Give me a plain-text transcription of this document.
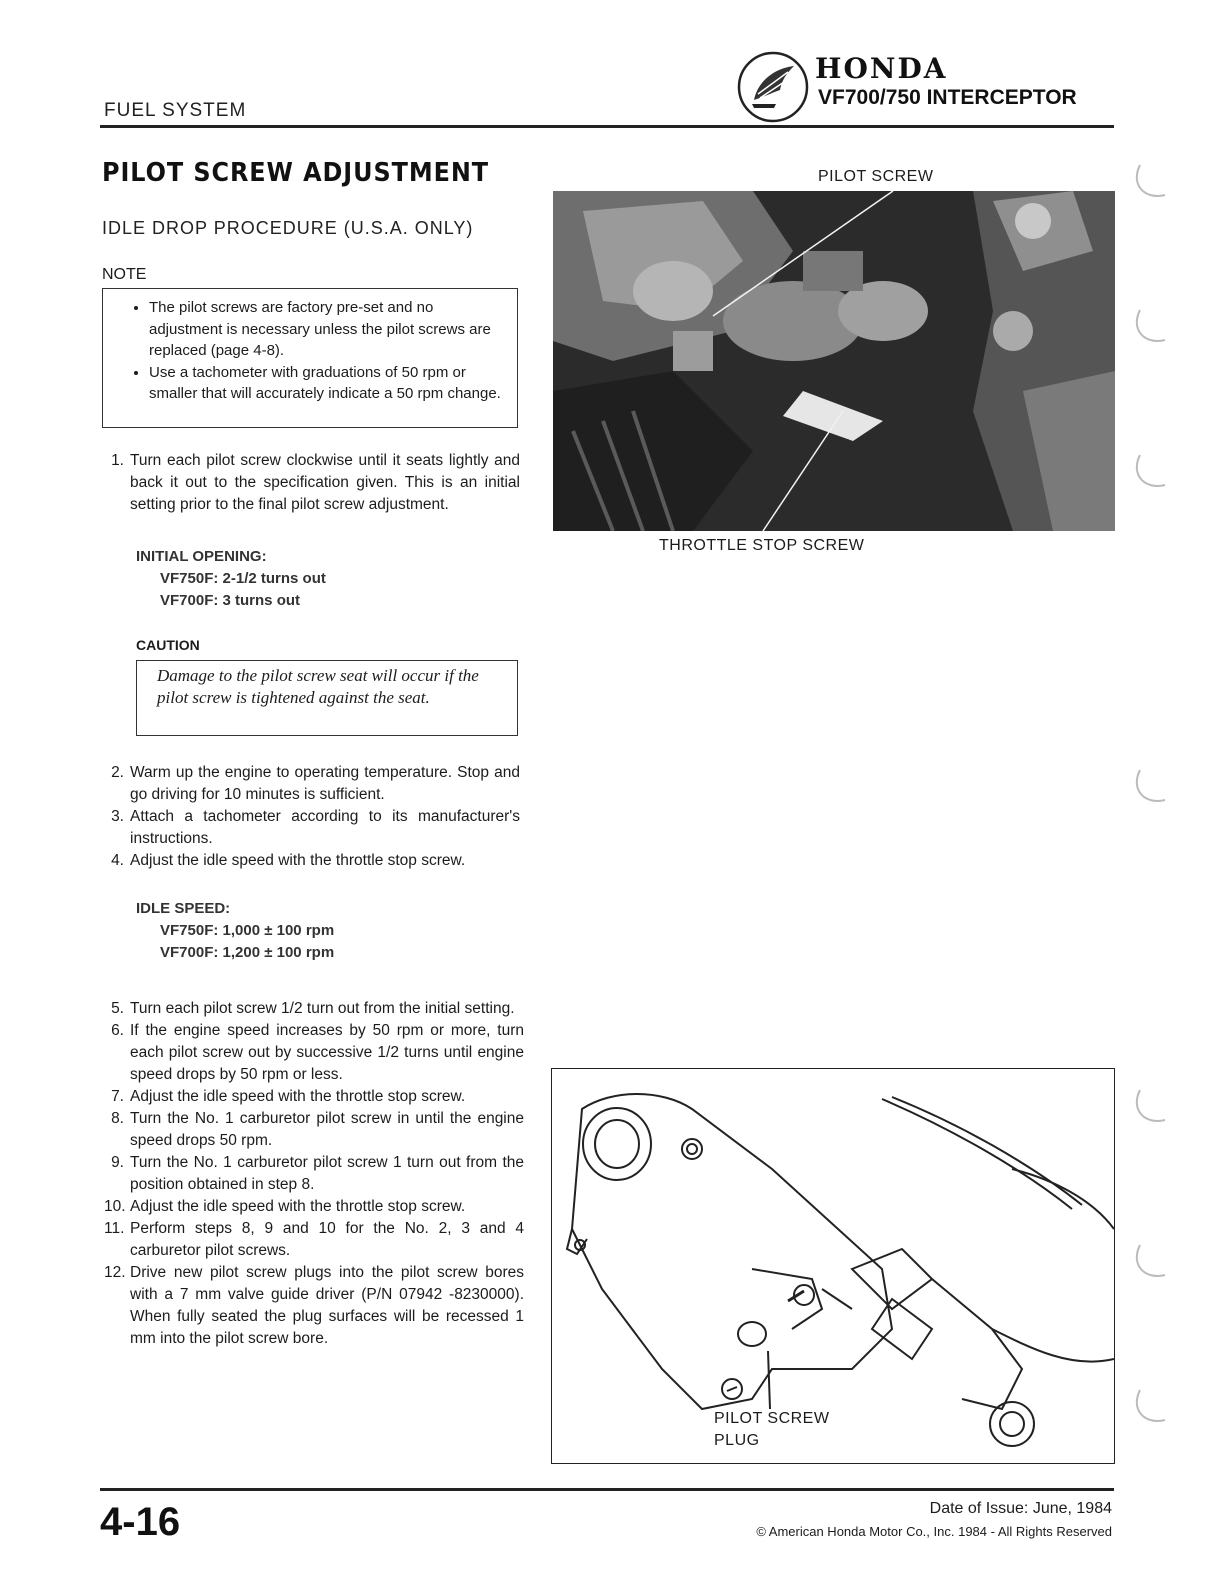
FUEL SYSTEM
HONDA
VF700/750 INTERCEPTOR
PILOT SCREW ADJUSTMENT
IDLE DROP PROCEDURE (U.S.A. ONLY)
NOTE
• The pilot screws are factory pre-set and no adjustment is necessary unless the pilot screws are replaced (page 4-8).
• Use a tachometer with graduations of 50 rpm or smaller that will accurately indicate a 50 rpm change.
1. Turn each pilot screw clockwise until it seats lightly and back it out to the specification given. This is an initial setting prior to the final pilot screw adjustment.
INITIAL OPENING:
VF750F: 2-1/2 turns out
VF700F: 3 turns out
CAUTION
Damage to the pilot screw seat will occur if the pilot screw is tightened against the seat.
2. Warm up the engine to operating temperature. Stop and go driving for 10 minutes is sufficient.
3. Attach a tachometer according to its manufacturer's instructions.
4. Adjust the idle speed with the throttle stop screw.
IDLE SPEED:
VF750F: 1,000 ± 100 rpm
VF700F: 1,200 ± 100 rpm
5. Turn each pilot screw 1/2 turn out from the initial setting.
6. If the engine speed increases by 50 rpm or more, turn each pilot screw out by successive 1/2 turns until engine speed drops by 50 rpm or less.
7. Adjust the idle speed with the throttle stop screw.
8. Turn the No. 1 carburetor pilot screw in until the engine speed drops 50 rpm.
9. Turn the No. 1 carburetor pilot screw 1 turn out from the position obtained in step 8.
10. Adjust the idle speed with the throttle stop screw.
11. Perform steps 8, 9 and 10 for the No. 2, 3 and 4 carburetor pilot screws.
12. Drive new pilot screw plugs into the pilot screw bores with a 7 mm valve guide driver (P/N 07942 -8230000). When fully seated the plug surfaces will be recessed 1 mm into the pilot screw bore.
PILOT SCREW
THROTTLE STOP SCREW
PILOT SCREW
PLUG
4-16	Date of Issue: June, 1984
© American Honda Motor Co., Inc. 1984 - All Rights Reserved
